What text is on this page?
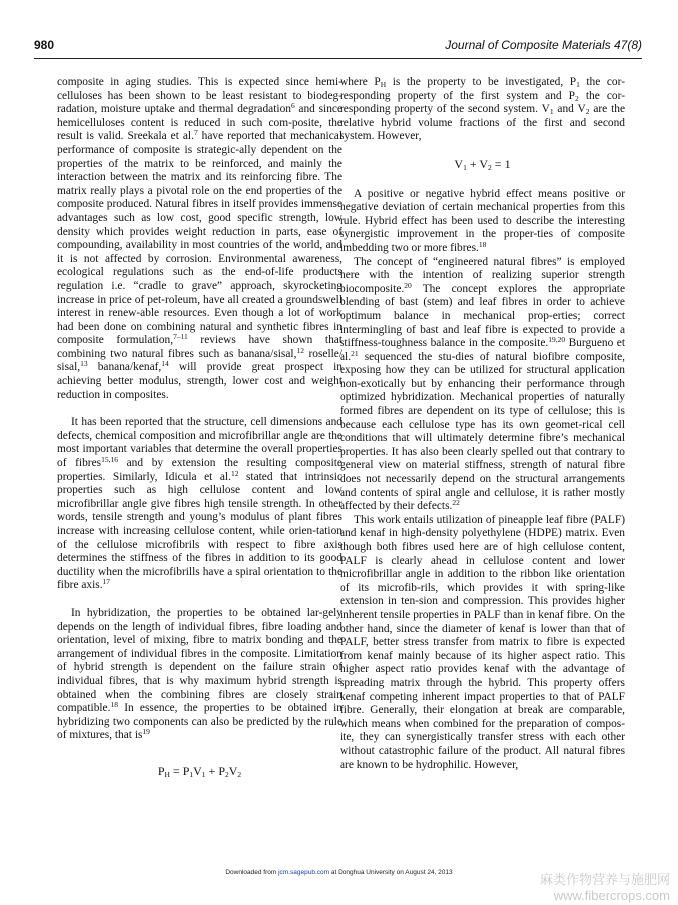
980	Journal of Composite Materials 47(8)

composite in aging studies. This is expected since hemi-celluloses has been shown to be least resistant to biodeg-radation, moisture uptake and thermal degradation$^6$ and since hemicelluloses content is reduced in such com-posite, the result is valid. Sreekala et al.$^7$ have reported that mechanical performance of composite is strategic-ally dependent on the properties of the matrix to be reinforced, and mainly the interaction between the matrix and its reinforcing fibre. The matrix really plays a pivotal role on the end properties of the composite produced. Natural fibres in itself provides immense advantages such as low cost, good specific strength, low density which provides weight reduction in parts, ease of compounding, availability in most countries of the world, and it is not affected by corrosion. Environmental awareness, ecological regulations such as the end-of-life products regulation i.e. “cradle to grave” approach, skyrocketing increase in price of pet-roleum, have all created a groundswell interest in renew-able resources. Even though a lot of work had been done on combining natural and synthetic fibres in composite formulation,$^{7-11}$ reviews have shown that combining two natural fibres such as banana/sisal,$^{12}$ roselle/ sisal,$^{13}$ banana/kenaf,$^{14}$ will provide great prospect in achieving better modulus, strength, lower cost and weight reduction in composites.

It has been reported that the structure, cell dimensions and defects, chemical composition and microfibrillar angle are the most important variables that determine the overall properties of fibres$^{15,16}$ and by extension the resulting composite properties. Similarly, Idicula et al.$^{12}$ stated that intrinsic properties such as high cellulose content and low microfibrillar angle give fibres high tensile strength. In other words, tensile strength and young’s modulus of plant fibres increase with increasing cellulose content, while orien-tation of the cellulose microfibrils with respect to fibre axis determines the stiffness of the fibres in addition to its good ductility when the microfibrills have a spiral orientation to the fibre axis.$^{17}$

In hybridization, the properties to be obtained lar-gely depends on the length of individual fibres, fibre loading and orientation, level of mixing, fibre to matrix bonding and the arrangement of individual fibres in the composite. Limitation of hybrid strength is dependent on the failure strain of individual fibres, that is why maximum hybrid strength is obtained when the combining fibres are closely strain compatible.$^{18}$ In essence, the properties to be obtained in hybridizing two components can also be predicted by the rule of mixtures, that $is^{19}$

$P_H = P_1V_1 + P_2V_2$

where $P_H$ is the property to be investigated, $P_1$ the cor-responding property of the first system and $P_2$ the cor-responding property of the second system. $V_1$ and $V_2$ are the relative hybrid volume fractions of the first and second system. However,

$V_1 + V_2 = 1$

A positive or negative hybrid effect means positive or negative deviation of certain mechanical properties from this rule. Hybrid effect has been used to describe the interesting synergistic improvement in the proper-ties of composite imbedding two or more fibres.$^{18}$

The concept of “engineered natural fibres” is employed here with the intention of realizing superior strength biocomposite.$^{20}$ The concept explores the appropriate blending of bast (stem) and leaf fibres in order to achieve optimum balance in mechanical prop-erties; correct intermingling of bast and leaf fibre is expected to provide a stiffness-toughness balance in the composite.$^{19,20}$ Burgueno et al.$^{21}$ sequenced the stu-dies of natural biofibre composite, exposing how they can be utilized for structural application non-exotically but by enhancing their performance through optimized hybridization. Mechanical properties of naturally formed fibres are dependent on its type of cellulose; this is because each cellulose type has its own geomet-rical cell conditions that will ultimately determine fibre’s mechanical properties. It has also been clearly spelled out that contrary to general view on material stiffness, strength of natural fibre does not necessarily depend on the structural arrangements and contents of spiral angle and cellulose, it is rather mostly affected by their defects.$^{22}$

This work entails utilization of pineapple leaf fibre (PALF) and kenaf in high-density polyethylene (HDPE) matrix. Even though both fibres used here are of high cellulose content, PALF is clearly ahead in cellulose content and lower microfibrillar angle in addition to the ribbon like orientation of its microfib-rils, which provides it with spring-like extension in ten-sion and compression. This provides higher inherent tensile properties in PALF than in kenaf fibre. On the other hand, since the diameter of kenaf is lower than that of PALF, better stress transfer from matrix to fibre is expected from kenaf mainly because of its higher aspect ratio. This higher aspect ratio provides kenaf with the advantage of spreading matrix through the hybrid. This property offers kenaf competing inherent impact properties to that of PALF fibre. Generally, their elongation at break are comparable, which means when combined for the preparation of compos-ite, they can synergistically transfer stress with each other without catastrophic failure of the product. All natural fibres are known to be hydrophilic. However,

Downloaded from jcm.sagepub.com at Donghua University on August 24, 2013	麻类作物营养与施肥网
www.fibercrops.com
